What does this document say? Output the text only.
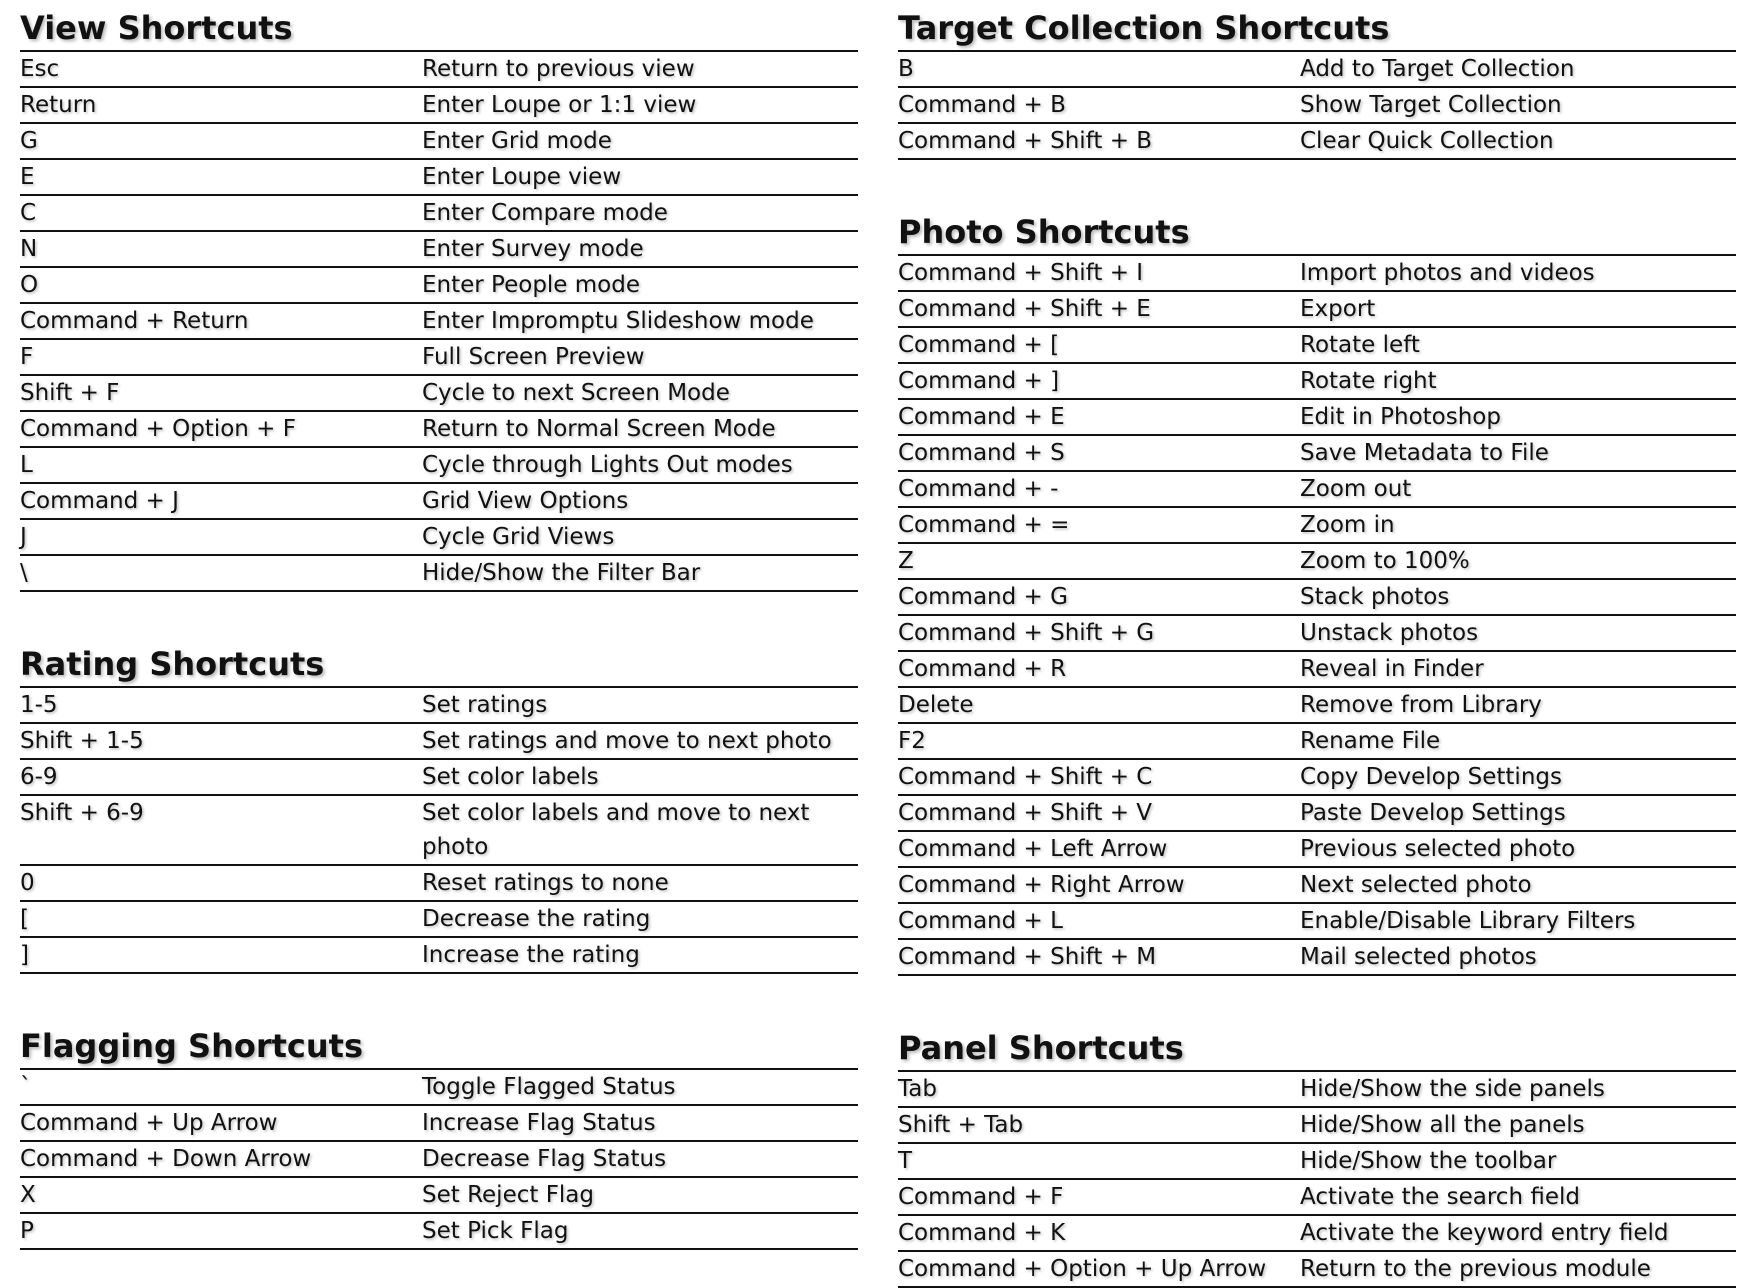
View Shortcuts
Esc	Return to previous view
Return	Enter Loupe or 1:1 view
G	Enter Grid mode
E	Enter Loupe view
C	Enter Compare mode
N	Enter Survey mode
O	Enter People mode
Command + Return	Enter Impromptu Slideshow mode
F	Full Screen Preview
Shift + F	Cycle to next Screen Mode
Command + Option + F	Return to Normal Screen Mode
L	Cycle through Lights Out modes
Command + J	Grid View Options
J	Cycle Grid Views
\	Hide/Show the Filter Bar
Rating Shortcuts
1-5	Set ratings
Shift + 1-5	Set ratings and move to next photo
6-9	Set color labels
Shift + 6-9	Set color labels and move to next photo
0	Reset ratings to none
[	Decrease the rating
]	Increase the rating
Flagging Shortcuts
`	Toggle Flagged Status
Command + Up Arrow	Increase Flag Status
Command + Down Arrow	Decrease Flag Status
X	Set Reject Flag
P	Set Pick Flag
Target Collection Shortcuts
B	Add to Target Collection
Command + B	Show Target Collection
Command + Shift + B	Clear Quick Collection
Photo Shortcuts
Command + Shift + I	Import photos and videos
Command + Shift + E	Export
Command + [	Rotate left
Command + ]	Rotate right
Command + E	Edit in Photoshop
Command + S	Save Metadata to File
Command + -	Zoom out
Command + =	Zoom in
Z	Zoom to 100%
Command + G	Stack photos
Command + Shift + G	Unstack photos
Command + R	Reveal in Finder
Delete	Remove from Library
F2	Rename File
Command + Shift + C	Copy Develop Settings
Command + Shift + V	Paste Develop Settings
Command + Left Arrow	Previous selected photo
Command + Right Arrow	Next selected photo
Command + L	Enable/Disable Library Filters
Command + Shift + M	Mail selected photos
Panel Shortcuts
Tab	Hide/Show the side panels
Shift + Tab	Hide/Show all the panels
T	Hide/Show the toolbar
Command + F	Activate the search field
Command + K	Activate the keyword entry field
Command + Option + Up Arrow	Return to the previous module
